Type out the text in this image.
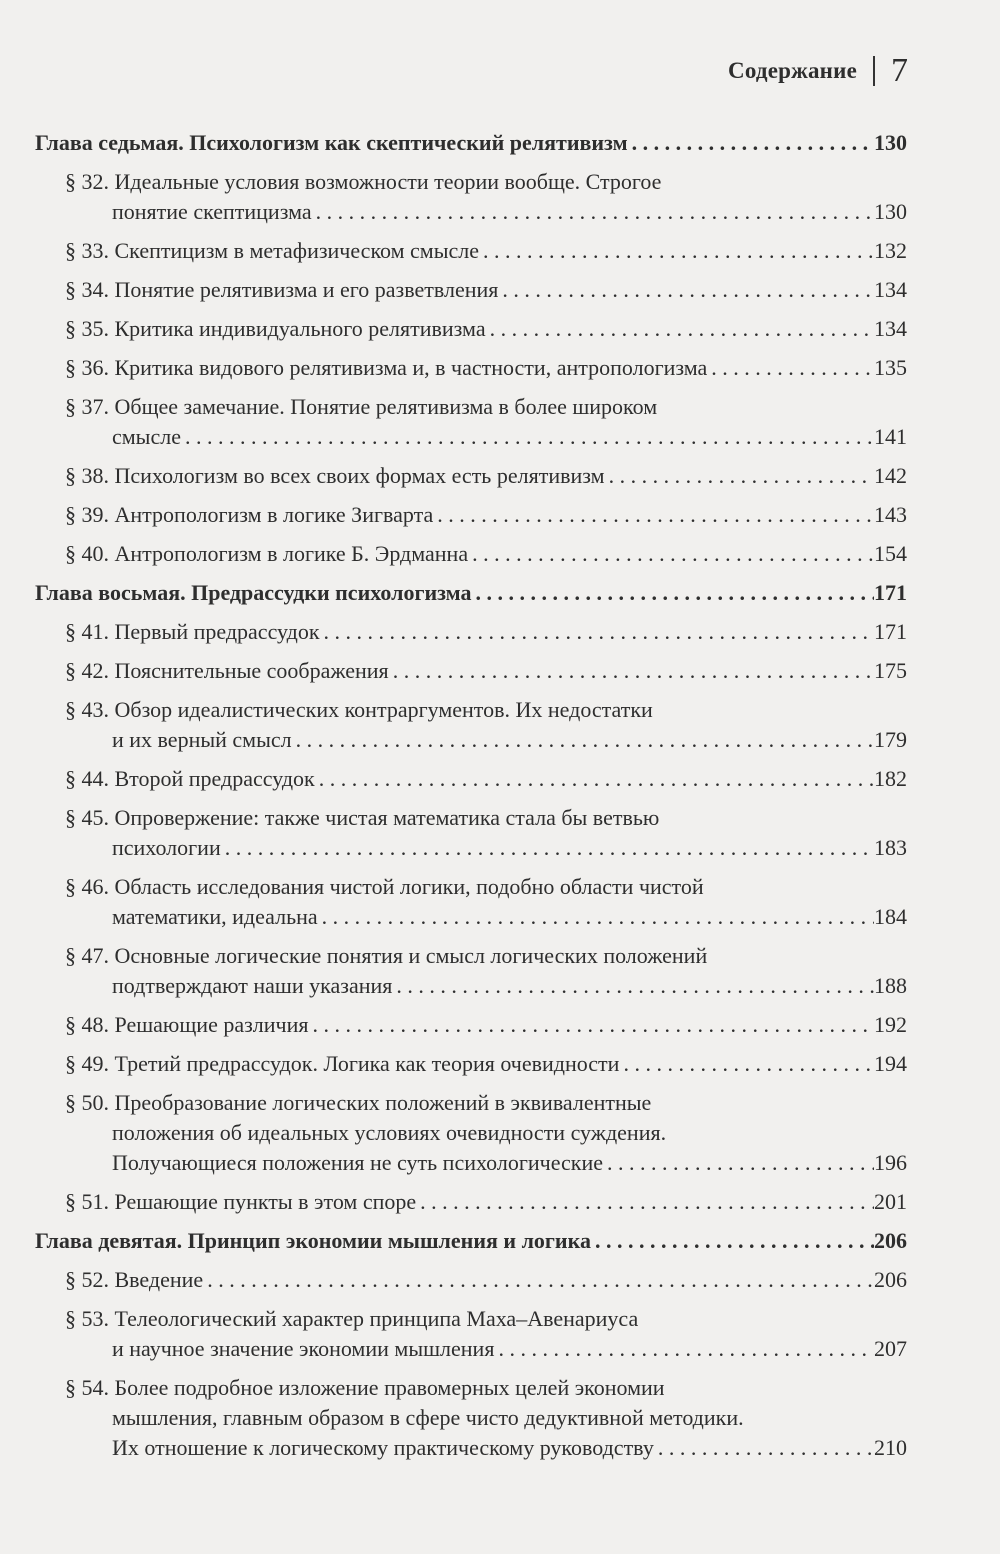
Содержание 7
Глава седьмая. Психологизм как скептический релятивизм . . .	130
§ 32. Идеальные условия возможности теории вообще. Строгое
понятие скептицизма . . .	130
§ 33. Скептицизм в метафизическом смысле . . .	132
§ 34. Понятие релятивизма и его разветвления . . .	134
§ 35. Критика индивидуального релятивизма . . .	134
§ 36. Критика видового релятивизма и, в частности, антропологизма . . .	135
§ 37. Общее замечание. Понятие релятивизма в более широком
смысле . . .	141
§ 38. Психологизм во всех своих формах есть релятивизм . . .	142
§ 39. Антропологизм в логике Зигварта . . .	143
§ 40. Антропологизм в логике Б. Эрдманна . . .	154
Глава восьмая. Предрассудки психологизма . . .	171
§ 41. Первый предрассудок . . .	171
§ 42. Пояснительные соображения . . .	175
§ 43. Обзор идеалистических контраргументов. Их недостатки
и их верный смысл . . .	179
§ 44. Второй предрассудок . . .	182
§ 45. Опровержение: также чистая математика стала бы ветвью
психологии . . .	183
§ 46. Область исследования чистой логики, подобно области чистой
математики, идеальна . . .	184
§ 47. Основные логические понятия и смысл логических положений
подтверждают наши указания . . .	188
§ 48. Решающие различия . . .	192
§ 49. Третий предрассудок. Логика как теория очевидности . . .	194
§ 50. Преобразование логических положений в эквивалентные
положения об идеальных условиях очевидности суждения.
Получающиеся положения не суть психологические . . .	196
§ 51. Решающие пункты в этом споре . . .	201
Глава девятая. Принцип экономии мышления и логика . . .	206
§ 52. Введение . . .	206
§ 53. Телеологический характер принципа Маха–Авенариуса
и научное значение экономии мышления . . .	207
§ 54. Более подробное изложение правомерных целей экономии
мышления, главным образом в сфере чисто дедуктивной методики.
Их отношение к логическому практическому руководству . . .	210
